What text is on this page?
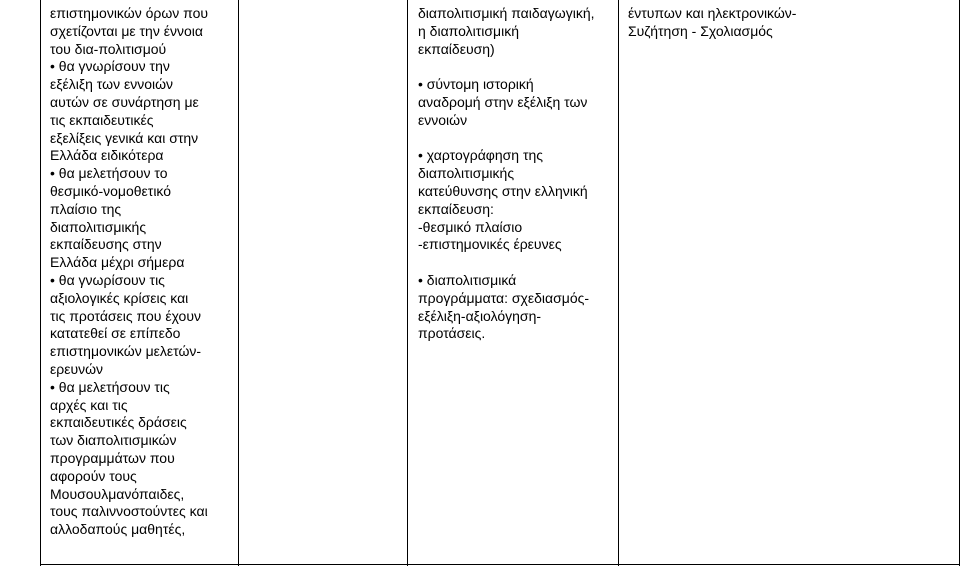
επιστημονικών όρων που

σχετίζονται με την έννοια

του δια-πολιτισμού

• θα γνωρίσουν την

εξέλιξη των εννοιών

αυτών σε συνάρτηση με

τις εκπαιδευτικές

εξελίξεις γενικά και στην

Ελλάδα ειδικότερα

• θα μελετήσουν το

θεσμικό-νομοθετικό

πλαίσιο της

διαπολιτισμικής

εκπαίδευσης στην

Ελλάδα μέχρι σήμερα

• θα γνωρίσουν τις

αξιολογικές κρίσεις και

τις προτάσεις που έχουν

κατατεθεί σε επίπεδο

επιστημονικών μελετών-

ερευνών

• θα μελετήσουν τις

αρχές και τις

εκπαιδευτικές δράσεις

των διαπολιτισμικών

προγραμμάτων που

αφορούν τους

Μουσουλμανόπαιδες,

τους παλιννοστούντες και

αλλοδαπούς μαθητές,

διαπολιτισμική παιδαγωγική,

η διαπολιτισμική

εκπαίδευση)

• σύντομη ιστορική

αναδρομή στην εξέλιξη των

εννοιών

• χαρτογράφηση της

διαπολιτισμικής

κατεύθυνσης στην ελληνική

εκπαίδευση:

-θεσμικό πλαίσιο

-επιστημονικές έρευνες

• διαπολιτισμικά

προγράμματα: σχεδιασμός-

εξέλιξη-αξιολόγηση-

προτάσεις.

έντυπων και ηλεκτρονικών-

Συζήτηση - Σχολιασμός
